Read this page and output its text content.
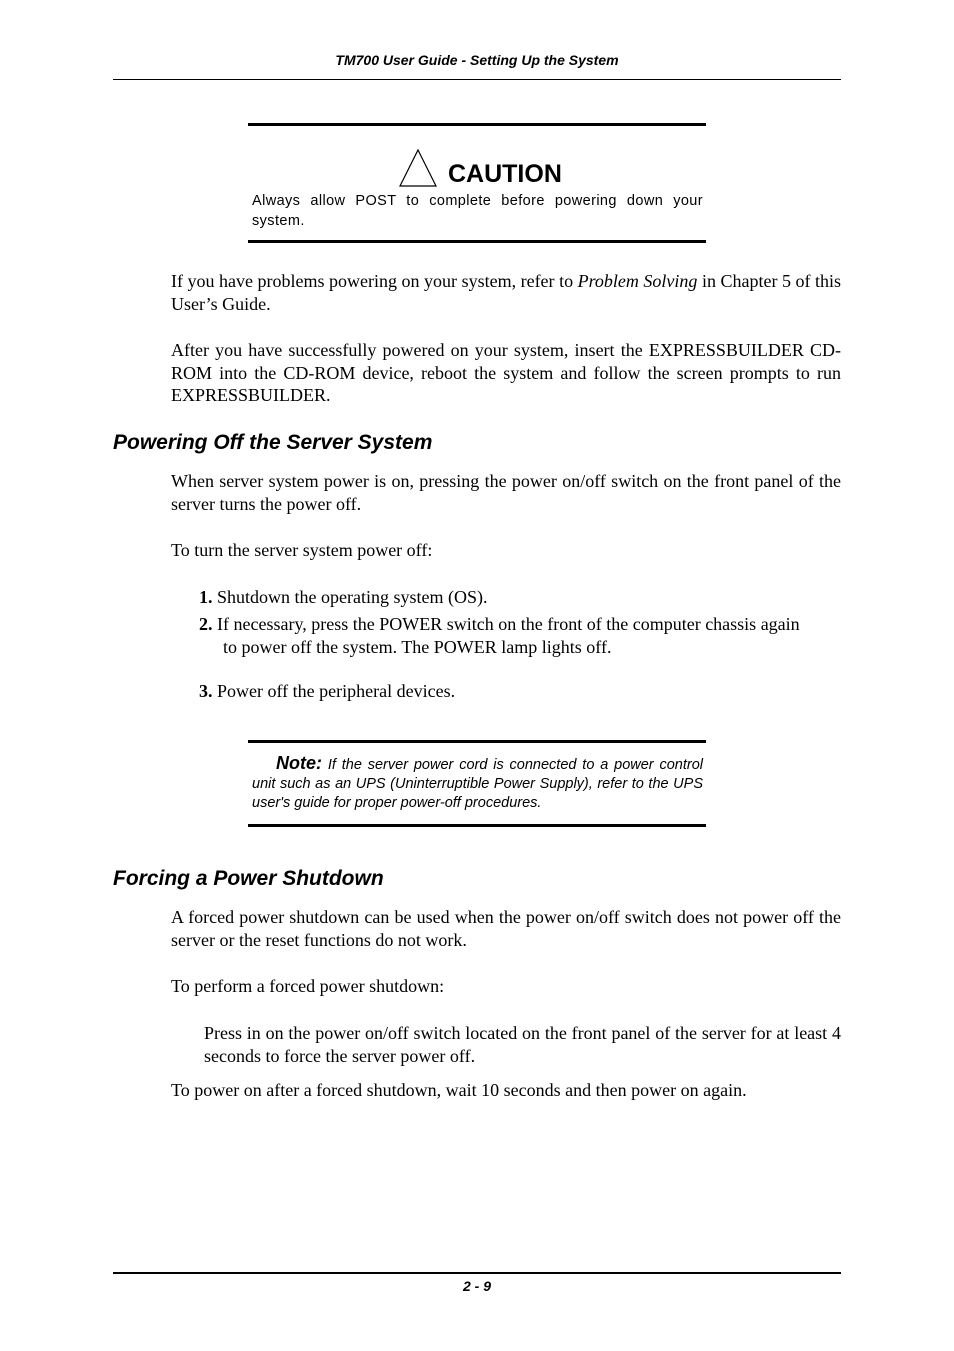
TM700 User Guide - Setting Up the System
CAUTION
Always allow POST to complete before powering down your system.

If you have problems powering on your system, refer to Problem Solving in Chapter 5 of this User’s Guide.

After you have successfully powered on your system, insert the EXPRESSBUILDER CD-ROM into the CD-ROM device, reboot the system and follow the screen prompts to run EXPRESSBUILDER.

Powering Off the Server System

When server system power is on, pressing the power on/off switch on the front panel of the server turns the power off.

To turn the server system power off:

1. Shutdown the operating system (OS).
2. If necessary, press the POWER switch on the front of the computer chassis again
to power off the system. The POWER lamp lights off.
3. Power off the peripheral devices.
Note: If the server power cord is connected to a power control unit such as an UPS (Uninterruptible Power Supply), refer to the UPS user's guide for proper power-off procedures.
Forcing a Power Shutdown

A forced power shutdown can be used when the power on/off switch does not power off the server or the reset functions do not work.

To perform a forced power shutdown:

Press in on the power on/off switch located on the front panel of the server for at least 4 seconds to force the server power off.

To power on after a forced shutdown, wait 10 seconds and then power on again.

2 - 9
